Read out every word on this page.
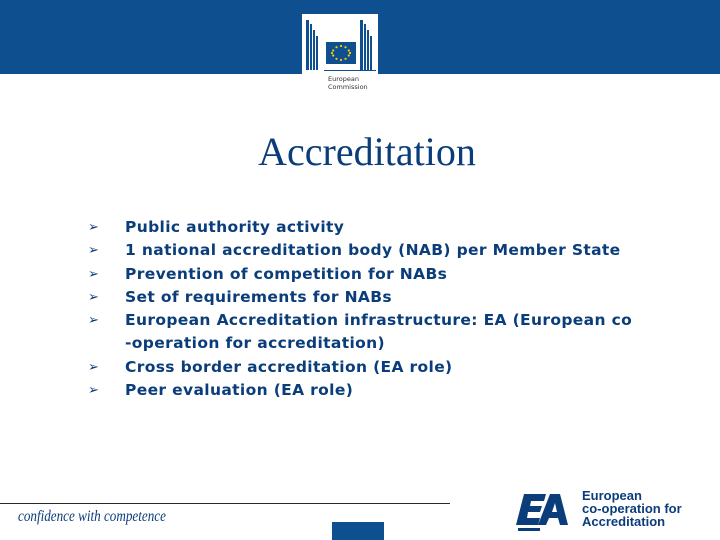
European
Commission
Accreditation
➢ Public authority activity
➢ 1 national accreditation body (NAB) per Member State
➢ Prevention of competition for NABs
➢ Set of requirements for NABs
➢ European Accreditation infrastructure: EA (European co
-operation for accreditation)
➢ Cross border accreditation (EA role)
➢ Peer evaluation (EA role)
confidence with competence
European
co-operation for
Accreditation
